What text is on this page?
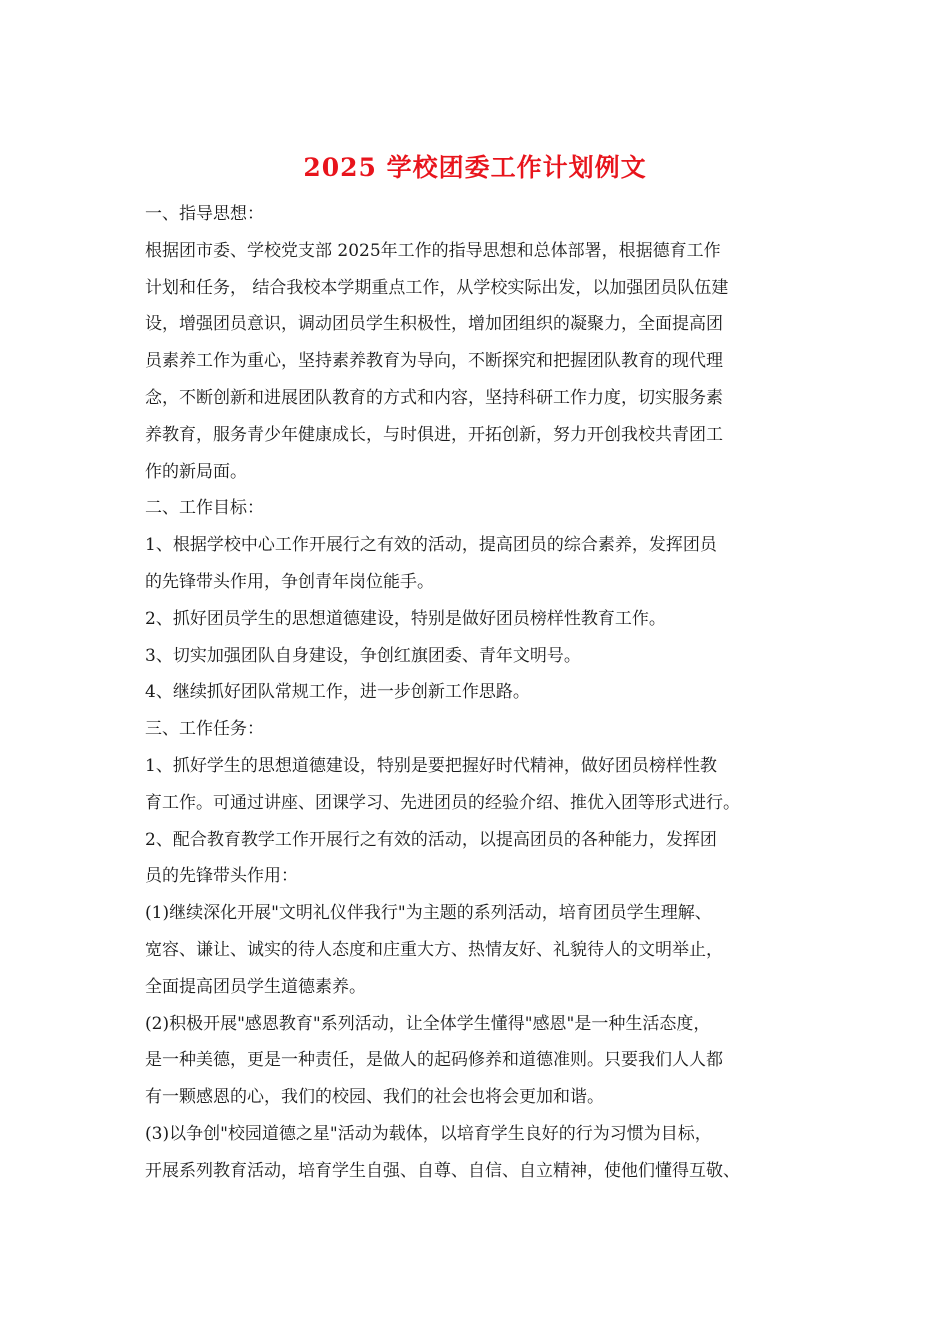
2025 学校团委工作计划例文
一、指导思想：
根据团市委、学校党支部 2025年工作的指导思想和总体部署，根据德育工作
计划和任务， 结合我校本学期重点工作，从学校实际出发，以加强团员队伍建
设，增强团员意识，调动团员学生积极性，增加团组织的凝聚力，全面提高团
员素养工作为重心，坚持素养教育为导向，不断探究和把握团队教育的现代理
念，不断创新和进展团队教育的方式和内容，坚持科研工作力度，切实服务素
养教育，服务青少年健康成长，与时俱进，开拓创新，努力开创我校共青团工
作的新局面。
二、工作目标：
1、根据学校中心工作开展行之有效的活动，提高团员的综合素养，发挥团员
的先锋带头作用，争创青年岗位能手。
2、抓好团员学生的思想道德建设，特别是做好团员榜样性教育工作。
3、切实加强团队自身建设，争创红旗团委、青年文明号。
4、继续抓好团队常规工作，进一步创新工作思路。
三、工作任务：
1、抓好学生的思想道德建设，特别是要把握好时代精神，做好团员榜样性教
育工作。可通过讲座、团课学习、先进团员的经验介绍、推优入团等形式进行。
2、配合教育教学工作开展行之有效的活动，以提高团员的各种能力，发挥团
员的先锋带头作用：
(1)继续深化开展"文明礼仪伴我行"为主题的系列活动，培育团员学生理解、
宽容、谦让、诚实的待人态度和庄重大方、热情友好、礼貌待人的文明举止，
全面提高团员学生道德素养。
(2)积极开展"感恩教育"系列活动，让全体学生懂得"感恩"是一种生活态度，
是一种美德，更是一种责任，是做人的起码修养和道德准则。只要我们人人都
有一颗感恩的心，我们的校园、我们的社会也将会更加和谐。
(3)以争创"校园道德之星"活动为载体，以培育学生良好的行为习惯为目标，
开展系列教育活动，培育学生自强、自尊、自信、自立精神，使他们懂得互敬、
